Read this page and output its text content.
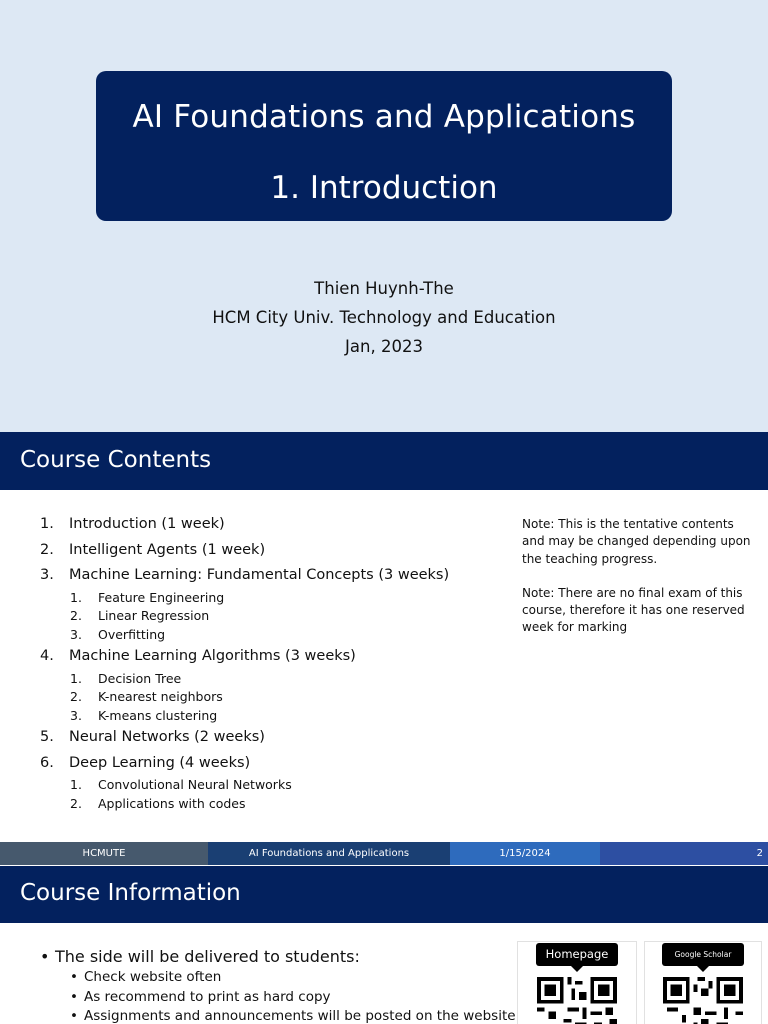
AI Foundations and Applications
1. Introduction
Thien Huynh-The
HCM City Univ. Technology and Education
Jan, 2023
Course Contents
1.	Introduction (1 week)
2.	Intelligent Agents (1 week)
3.	Machine Learning: Fundamental Concepts (3 weeks)
1.	Feature Engineering
2.	Linear Regression
3.	Overfitting
4.	Machine Learning Algorithms (3 weeks)
1.	Decision Tree
2.	K-nearest neighbors
3.	K-means clustering
5.	Neural Networks (2 weeks)
6.	Deep Learning (4 weeks)
1.	Convolutional Neural Networks
2.	Applications with codes

Note: This is the tentative contents and may be changed depending upon the teaching progress.

Note: There are no final exam of this course, therefore it has one reserved week for marking

HCMUTE	AI Foundations and Applications	1/15/2024	2
Course Information
• The side will be delivered to students:
• Check website often
• As recommend to print as hard copy
• Assignments and announcements will be posted on the website
Homepage	Google Scholar
